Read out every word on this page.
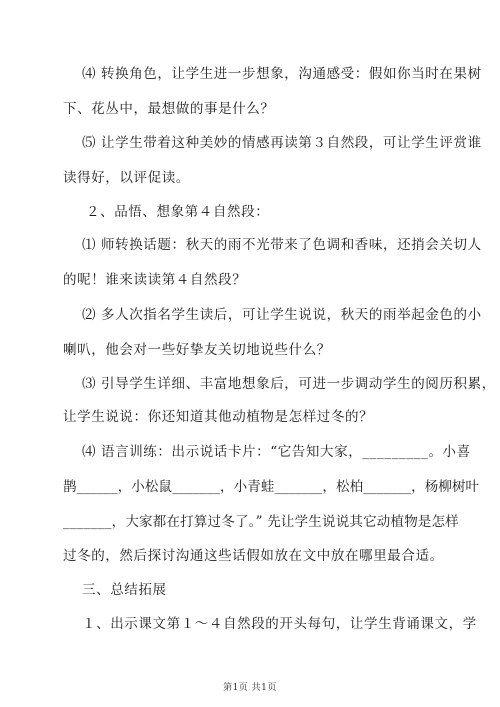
⑷ 转换角色，让学生进一步想象，沟通感受：假如你当时在果树
下、花丛中，最想做的事是什么？
⑸ 让学生带着这种美妙的情感再读第３自然段，可让学生评赏谁
读得好，以评促读。
２、品悟、想象第４自然段：
⑴ 师转换话题：秋天的雨不光带来了色调和香味，还捎会关切人
的呢！谁来读读第４自然段？
⑵ 多人次指名学生读后，可让学生说说，秋天的雨举起金色的小
喇叭，他会对一些好挚友关切地说些什么？
⑶ 引导学生详细、丰富地想象后，可进一步调动学生的阅历积累，
让学生说说：你还知道其他动植物是怎样过冬的？
⑷ 语言训练：出示说话卡片：“它告知大家，_________。小喜
鹊______，小松鼠_______，小青蛙_______，松柏_______，杨柳树叶
_______，大家都在打算过冬了。” 先让学生说说其它动植物是怎样
过冬的，然后探讨沟通这些话假如放在文中放在哪里最合适。
三、总结拓展
１、出示课文第１～４自然段的开头每句，让学生背诵课文，学
第1页 共1页
